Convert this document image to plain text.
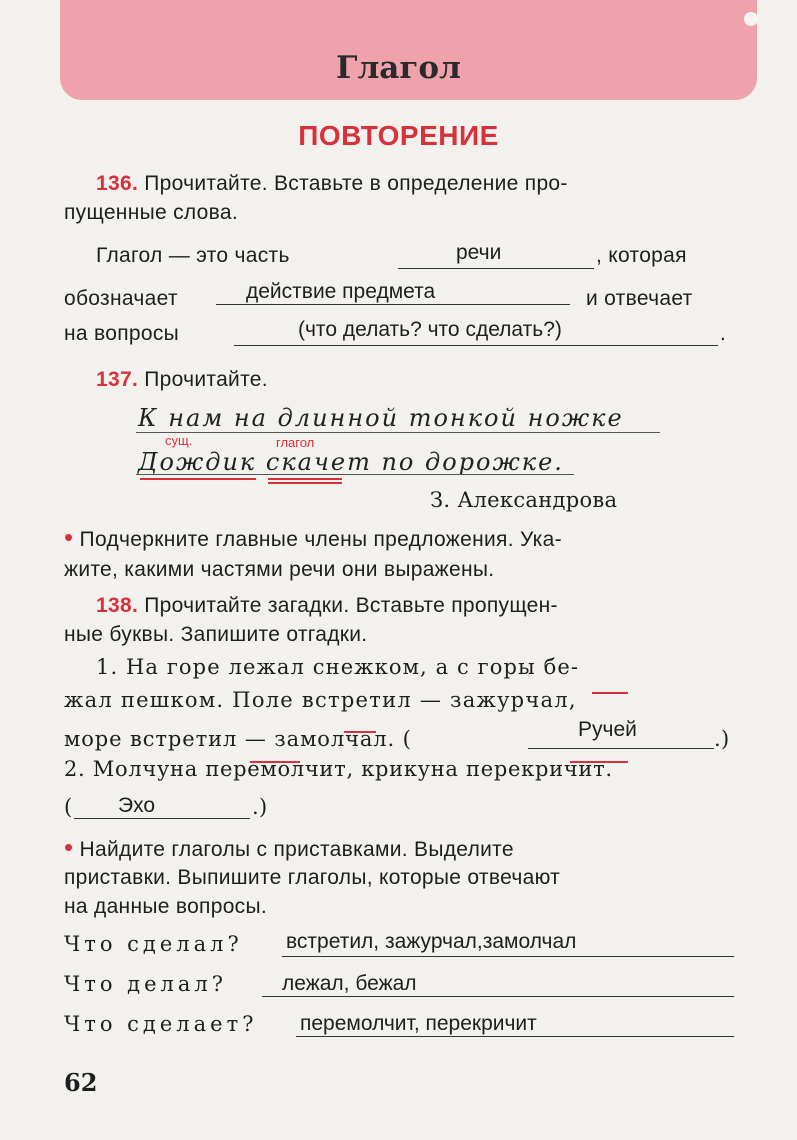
Глагол
ПОВТОРЕНИЕ
136. Прочитайте. Вставьте в определение про-
пущенные слова.
Глагол — это часть	речи	, которая
обозначает	действие предмета	и отвечает
на вопросы	(что делать? что сделать?)	.
137. Прочитайте.
К нам на длинной тонкой ножке
сущ.	глагол
Дождик скачет по дорожке.
З. Александрова
• Подчеркните главные члены предложения. Ука-
жите, какими частями речи они выражены.
138. Прочитайте загадки. Вставьте пропущен-
ные буквы. Запишите отгадки.
1. На горе лежал снежком, а с горы бе-
жал пешком. Поле встретил — зажурчал,
море встретил — замолчал. (	Ручей	.)
2. Молчуна перемолчит, крикуна перекричит.
( Эхо	.)
• Найдите глаголы с приставками. Выделите
приставки. Выпишите глаголы, которые отвечают
на данные вопросы.
Что сделал? встретил, зажурчал,замолчал
Что делал?	лежал, бежал
Что сделает? перемолчит, перекричит
62
